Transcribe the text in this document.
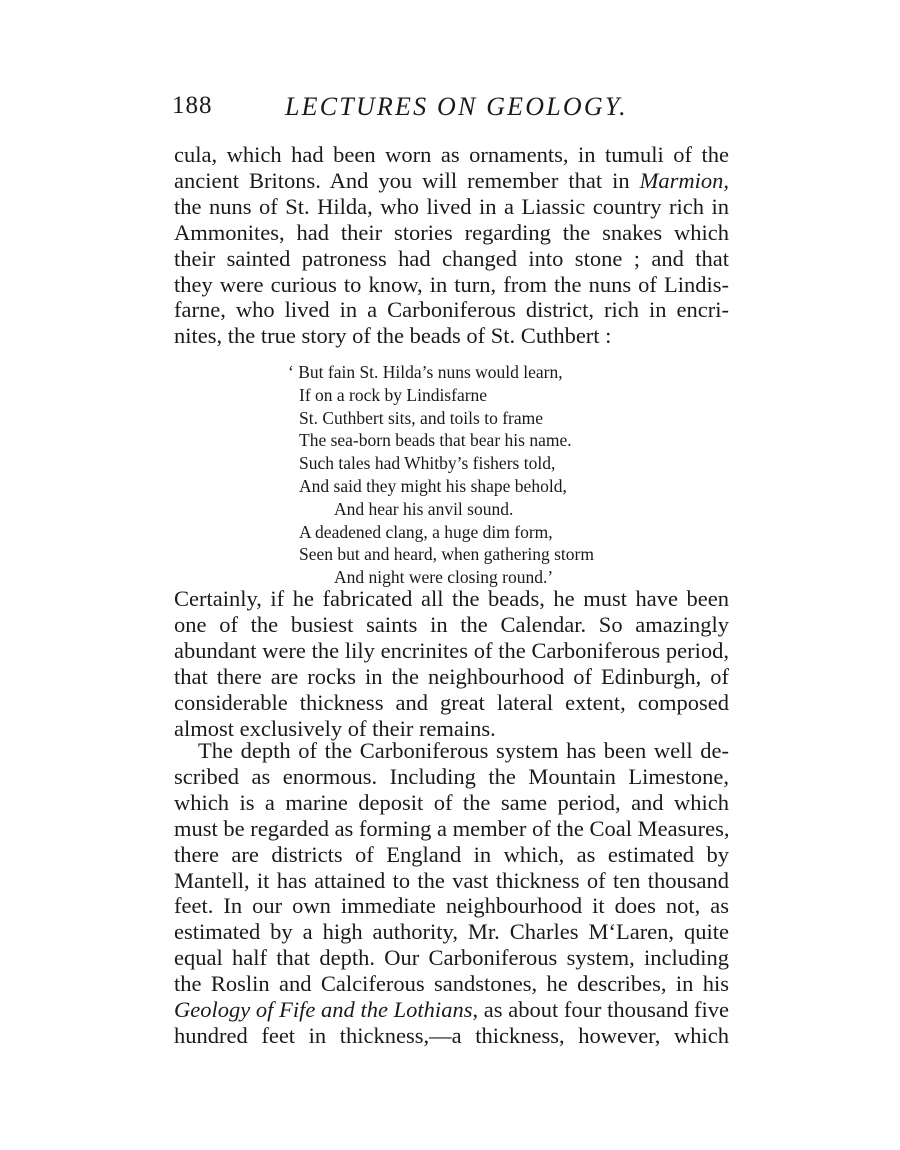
188	LECTURES ON GEOLOGY.
cula, which had been worn as ornaments, in tumuli of the
ancient Britons. And you will remember that in Marmion,
the nuns of St. Hilda, who lived in a Liassic country rich in
Ammonites, had their stories regarding the snakes which
their sainted patroness had changed into stone ; and that
they were curious to know, in turn, from the nuns of Lindis-
farne, who lived in a Carboniferous district, rich in encri-
nites, the true story of the beads of St. Cuthbert :
‘ But fain St. Hilda’s nuns would learn,
If on a rock by Lindisfarne
St. Cuthbert sits, and toils to frame
The sea-born beads that bear his name.
Such tales had Whitby’s fishers told,
And said they might his shape behold,
And hear his anvil sound.
A deadened clang, a huge dim form,
Seen but and heard, when gathering storm
And night were closing round.’
Certainly, if he fabricated all the beads, he must have been
one of the busiest saints in the Calendar. So amazingly
abundant were the lily encrinites of the Carboniferous period,
that there are rocks in the neighbourhood of Edinburgh, of
considerable thickness and great lateral extent, composed
almost exclusively of their remains.
The depth of the Carboniferous system has been well de-
scribed as enormous. Including the Mountain Limestone,
which is a marine deposit of the same period, and which
must be regarded as forming a member of the Coal Measures,
there are districts of England in which, as estimated by
Mantell, it has attained to the vast thickness of ten thousand
feet. In our own immediate neighbourhood it does not, as
estimated by a high authority, Mr. Charles M‘Laren, quite
equal half that depth. Our Carboniferous system, including
the Roslin and Calciferous sandstones, he describes, in his
Geology of Fife and the Lothians, as about four thousand five
hundred feet in thickness,—a thickness, however, which
